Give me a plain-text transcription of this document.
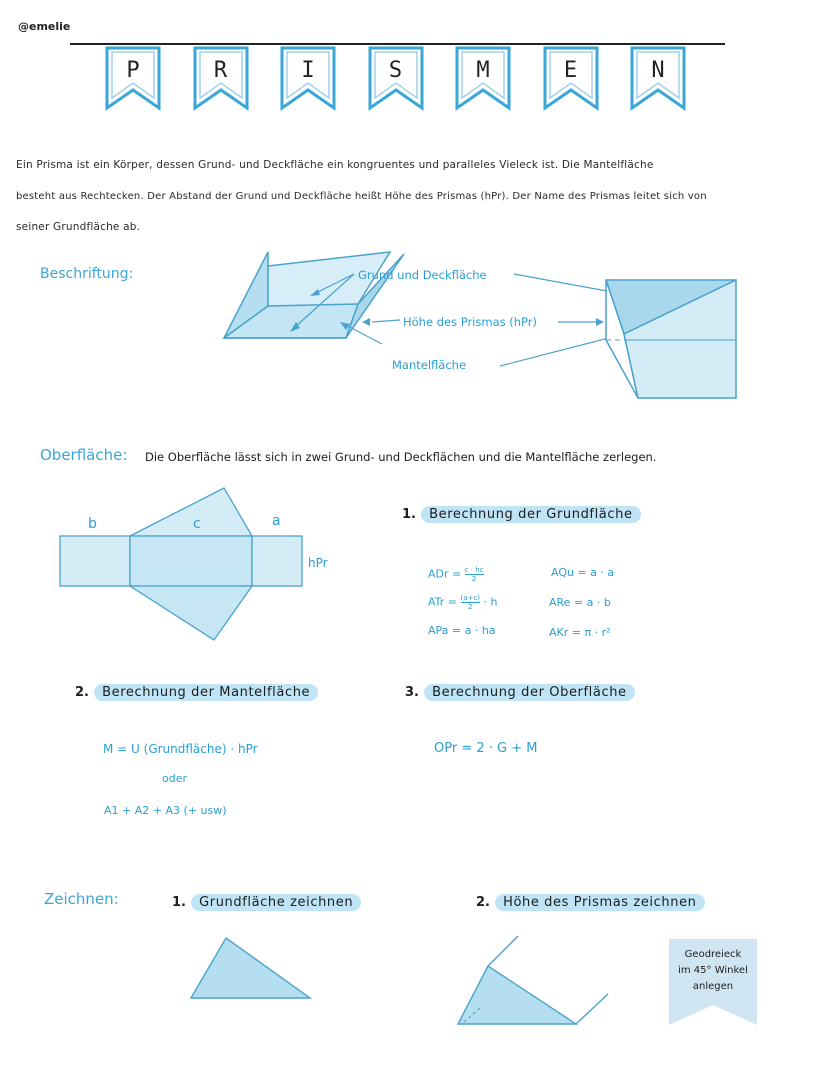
@emelie
P	R	I	S	M	E	N

Ein Prisma ist ein Körper, dessen Grund- und Deckfläche ein kongruentes und paralleles Vieleck ist. Die Mantelfläche

besteht aus Rechtecken. Der Abstand der Grund und Deckfläche heißt Höhe des Prismas (hPr). Der Name des Prismas leitet sich von

seiner Grundfläche ab.

Beschriftung:	Grund und Deckfläche
Höhe des Prismas (hPr)
Mantelfläche
Oberfläche: Die Oberfläche lässt sich in zwei Grund- und Deckflächen und die Mantelfläche zerlegen.
b	c	a
hPr
1. Berechnung der Grundfläche
ADr = $\frac{c \cdot hc}{2}$
ATr = $\frac{(a+c)}{2} \cdot h$
APa = a · ha
AQu = a · a
ARe = a · b
AKr = π · r²
2. Berechnung der Mantelfläche
M = U (Grundfläche) · hPr
oder
A1 + A2 + A3 (+ usw)
3. Berechnung der Oberfläche
OPr = 2 · G + M
Zeichnen:	1. Grundfläche zeichnen	2. Höhe des Prismas zeichnen
Geodreieck
im 45° Winkel
anlegen
